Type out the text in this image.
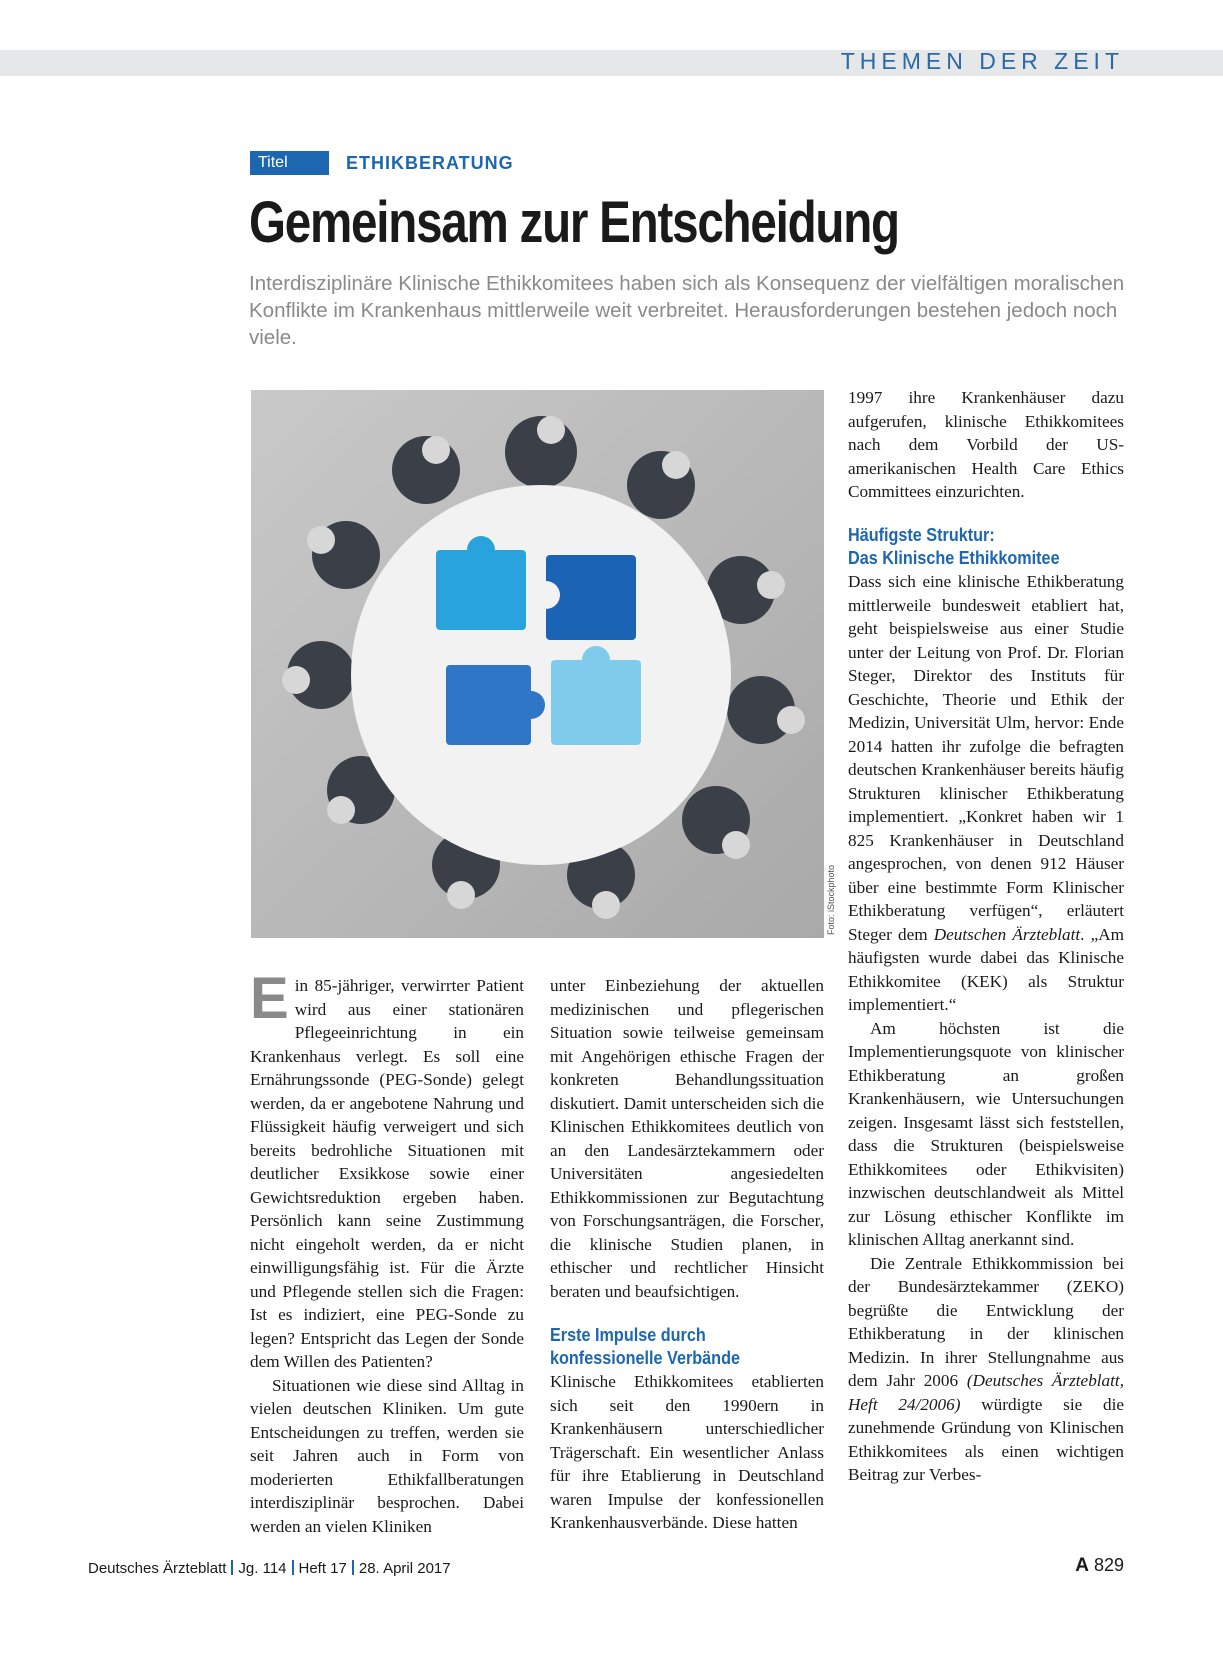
THEMEN DER ZEIT
Titel	ETHIKBERATUNG
Gemeinsam zur Entscheidung

Interdisziplinäre Klinische Ethikkomitees haben sich als Konsequenz der vielfältigen moralischen Konflikte im Krankenhaus mittlerweile weit verbreitet. Herausforderungen bestehen jedoch noch viele.

Foto: iStockphoto

Ein 85-jähriger, verwirrter Patient wird aus einer stationären Pflegeeinrichtung in ein Krankenhaus verlegt. Es soll eine Ernährungssonde (PEG-Sonde) gelegt werden, da er angebotene Nahrung und Flüssigkeit häufig verweigert und sich bereits bedrohliche Situationen mit deutlicher Exsikkose sowie einer Gewichtsreduktion ergeben haben. Persönlich kann seine Zustimmung nicht eingeholt werden, da er nicht einwilligungsfähig ist. Für die Ärzte und Pflegende stellen sich die Fragen: Ist es indiziert, eine PEG-Sonde zu legen? Entspricht das Legen der Sonde dem Willen des Patienten?

Situationen wie diese sind Alltag in vielen deutschen Kliniken. Um gute Entscheidungen zu treffen, werden sie seit Jahren auch in Form von moderierten Ethikfallberatungen interdisziplinär besprochen. Dabei werden an vielen Kliniken

unter Einbeziehung der aktuellen medizinischen und pflegerischen Situation sowie teilweise gemeinsam mit Angehörigen ethische Fragen der konkreten Behandlungssituation diskutiert. Damit unterscheiden sich die Klinischen Ethikkomitees deutlich von an den Landesärztekammern oder Universitäten angesiedelten Ethikkommissionen zur Begutachtung von Forschungsanträgen, die Forscher, die klinische Studien planen, in ethischer und rechtlicher Hinsicht beraten und beaufsichtigen.

Erste Impulse durch
konfessionelle Verbände

Klinische Ethikkomitees etablierten sich seit den 1990ern in Krankenhäusern unterschiedlicher Trägerschaft. Ein wesentlicher Anlass für ihre Etablierung in Deutschland waren Impulse der konfessionellen Krankenhausverbände. Diese hatten

1997 ihre Krankenhäuser dazu aufgerufen, klinische Ethikkomitees nach dem Vorbild der US-amerikanischen Health Care Ethics Committees einzurichten.

Häufigste Struktur:
Das Klinische Ethikkomitee

Dass sich eine klinische Ethikberatung mittlerweile bundesweit etabliert hat, geht beispielsweise aus einer Studie unter der Leitung von Prof. Dr. Florian Steger, Direktor des Instituts für Geschichte, Theorie und Ethik der Medizin, Universität Ulm, hervor: Ende 2014 hatten ihr zufolge die befragten deutschen Krankenhäuser bereits häufig Strukturen klinischer Ethikberatung implementiert. „Konkret haben wir 1 825 Krankenhäuser in Deutschland angesprochen, von denen 912 Häuser über eine bestimmte Form Klinischer Ethikberatung verfügen“, erläutert Steger dem Deutschen Ärzteblatt. „Am häufigsten wurde dabei das Klinische Ethikkomitee (KEK) als Struktur implementiert.“

Am höchsten ist die Implementierungsquote von klinischer Ethikberatung an großen Krankenhäusern, wie Untersuchungen zeigen. Insgesamt lässt sich feststellen, dass die Strukturen (beispielsweise Ethikkomitees oder Ethikvisiten) inzwischen deutschlandweit als Mittel zur Lösung ethischer Konflikte im klinischen Alltag anerkannt sind.

Die Zentrale Ethikkommission bei der Bundesärztekammer (ZEKO) begrüßte die Entwicklung der Ethikberatung in der klinischen Medizin. In ihrer Stellungnahme aus dem Jahr 2006 (Deutsches Ärzteblatt, Heft 24/2006) würdigte sie die zunehmende Gründung von Klinischen Ethikkomitees als einen wichtigen Beitrag zur Verbes-

Deutsches Ärzteblatt Jg. 114 Heft 17 28. April 2017	A 829
